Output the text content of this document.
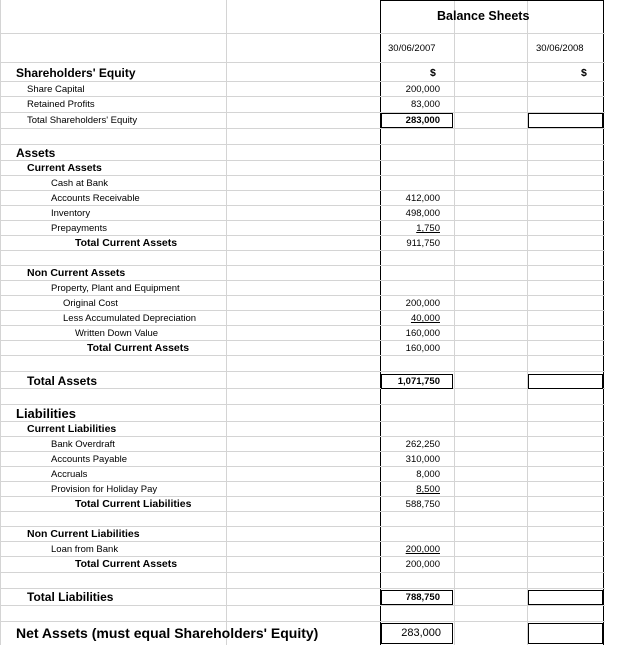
Balance Sheets
30/06/2007	30/06/2008
$	$
Shareholders' Equity
Share Capital	200,000
Retained Profits	83,000
Total Shareholders' Equity	283,000
Assets
Current Assets
Cash at Bank
Accounts Receivable	412,000
Inventory	498,000
Prepayments	1,750
Total Current Assets	911,750
Non Current Assets
Property, Plant and Equipment
Original Cost	200,000
Less Accumulated Depreciation	40,000
Written Down Value	160,000
Total Current Assets	160,000
Total Assets	1,071,750
Liabilities
Current Liabilities
Bank Overdraft	262,250
Accounts Payable	310,000
Accruals	8,000
Provision for Holiday Pay	8,500
Total Current Liabilities	588,750
Non Current Liabilities
Loan from Bank	200,000
Total Current Assets	200,000
Total Liabilities	788,750
Net Assets (must equal Shareholders' Equity)	283,000
